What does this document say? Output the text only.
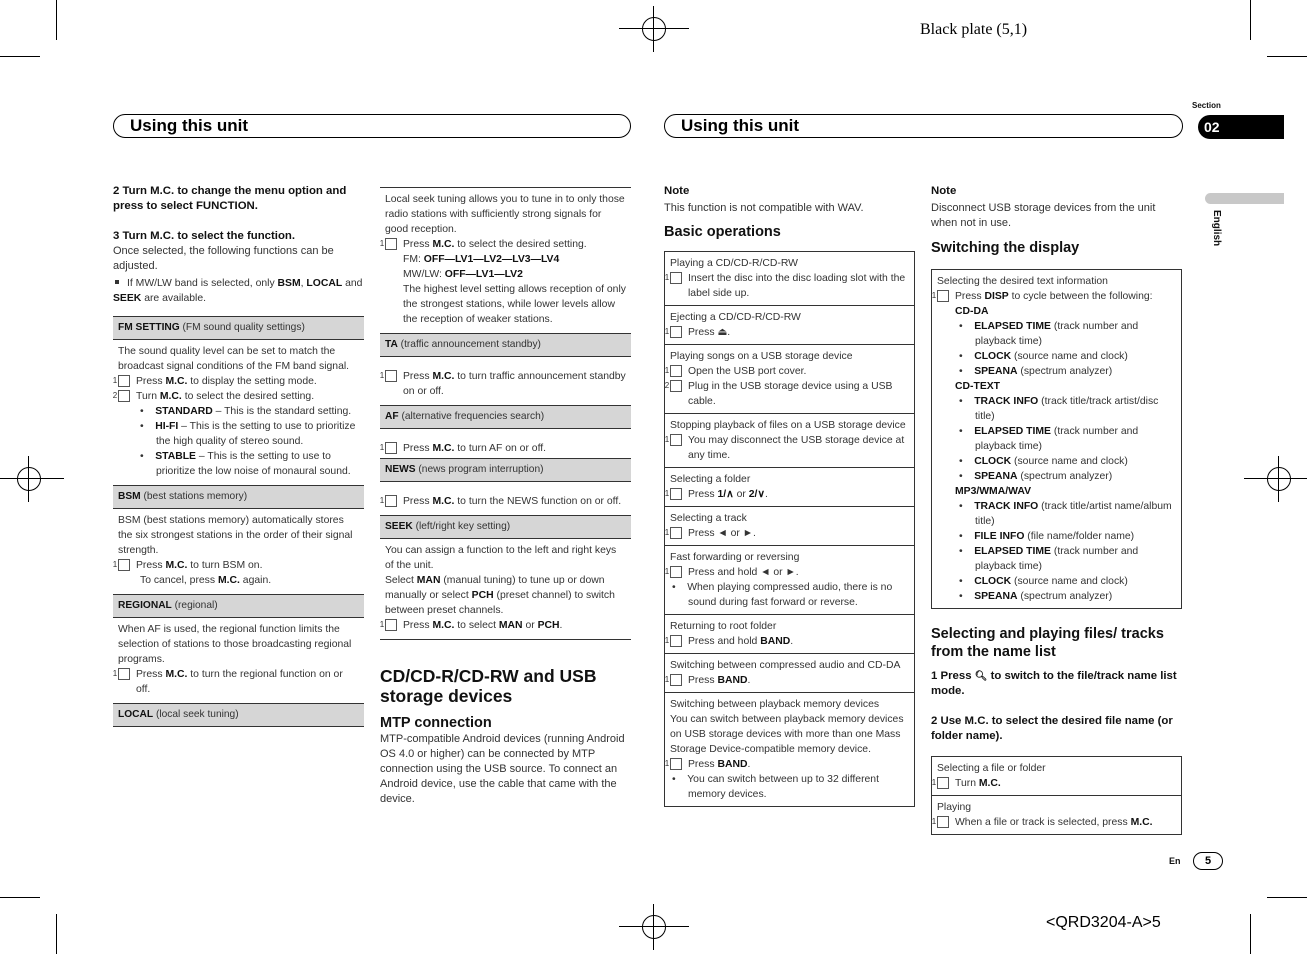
Black plate (5,1)
<QRD3204-A>5
Section
02
English
Using this unit	Using this unit
2 Turn M.C. to change the menu option and press to select FUNCTION.
3 Turn M.C. to select the function.
Once selected, the following functions can be adjusted.
If MW/LW band is selected, only BSM, LOCAL and SEEK are available.
FM SETTING (FM sound quality settings)
The sound quality level can be set to match the broadcast signal conditions of the FM band signal.
1 Press M.C. to display the setting mode.
2 Turn M.C. to select the desired setting.
•    STANDARD – This is the standard setting.
•    HI-FI – This is the setting to use to prioritize the high quality of stereo sound.
•    STABLE – This is the setting to use to prioritize the low noise of monaural sound.
BSM (best stations memory)
BSM (best stations memory) automatically stores the six strongest stations in the order of their signal strength.
1 Press M.C. to turn BSM on.
To cancel, press M.C. again.
REGIONAL (regional)
When AF is used, the regional function limits the selection of stations to those broadcasting regional programs.
1 Press M.C. to turn the regional function on or off.
LOCAL (local seek tuning)
Local seek tuning allows you to tune in to only those radio stations with sufficiently strong signals for good reception.
1 Press M.C. to select the desired setting.
FM: OFF—LV1—LV2—LV3—LV4
MW/LW: OFF—LV1—LV2
The highest level setting allows reception of only the strongest stations, while lower levels allow the reception of weaker stations.
TA (traffic announcement standby)
1 Press M.C. to turn traffic announcement standby on or off.
AF (alternative frequencies search)
1 Press M.C. to turn AF on or off.
NEWS (news program interruption)
1 Press M.C. to turn the NEWS function on or off.
SEEK (left/right key setting)
You can assign a function to the left and right keys of the unit.
Select MAN (manual tuning) to tune up or down manually or select PCH (preset channel) to switch between preset channels.
1 Press M.C. to select MAN or PCH.
CD/CD-R/CD-RW and USB storage devices
MTP connection
MTP-compatible Android devices (running Android OS 4.0 or higher) can be connected by MTP connection using the USB source. To connect an Android device, use the cable that came with the device.
Note
This function is not compatible with WAV.
Basic operations
Playing a CD/CD-R/CD-RW
1 Insert the disc into the disc loading slot with the label side up.
Ejecting a CD/CD-R/CD-RW
1 Press ⏏.
Playing songs on a USB storage device
1 Open the USB port cover.
2 Plug in the USB storage device using a USB cable.
Stopping playback of files on a USB storage device
1 You may disconnect the USB storage device at any time.
Selecting a folder
1 Press 1/∧ or 2/∨.
Selecting a track
1 Press ◄ or ►.
Fast forwarding or reversing
1 Press and hold ◄ or ►.
•    When playing compressed audio, there is no sound during fast forward or reverse.
Returning to root folder
1 Press and hold BAND.
Switching between compressed audio and CD-DA
1 Press BAND.
Switching between playback memory devices
You can switch between playback memory devices on USB storage devices with more than one Mass Storage Device-compatible memory device.
1 Press BAND.
•    You can switch between up to 32 different memory devices.
Note
Disconnect USB storage devices from the unit when not in use.
Switching the display
Selecting the desired text information
1 Press DISP to cycle between the following:
CD-DA
•    ELAPSED TIME (track number and playback time)
•    CLOCK (source name and clock)
•    SPEANA (spectrum analyzer)
CD-TEXT
•    TRACK INFO (track title/track artist/disc title)
•    ELAPSED TIME (track number and playback time)
•    CLOCK (source name and clock)
•    SPEANA (spectrum analyzer)
MP3/WMA/WAV
•    TRACK INFO (track title/artist name/album title)
•    FILE INFO (file name/folder name)
•    ELAPSED TIME (track number and playback time)
•    CLOCK (source name and clock)
•    SPEANA (spectrum analyzer)
Selecting and playing files/ tracks from the name list
1 Press 🔍︎ to switch to the file/track name list mode.
2 Use M.C. to select the desired file name (or folder name).
Selecting a file or folder
1 Turn M.C.
Playing
1 When a file or track is selected, press M.C.
En	5
